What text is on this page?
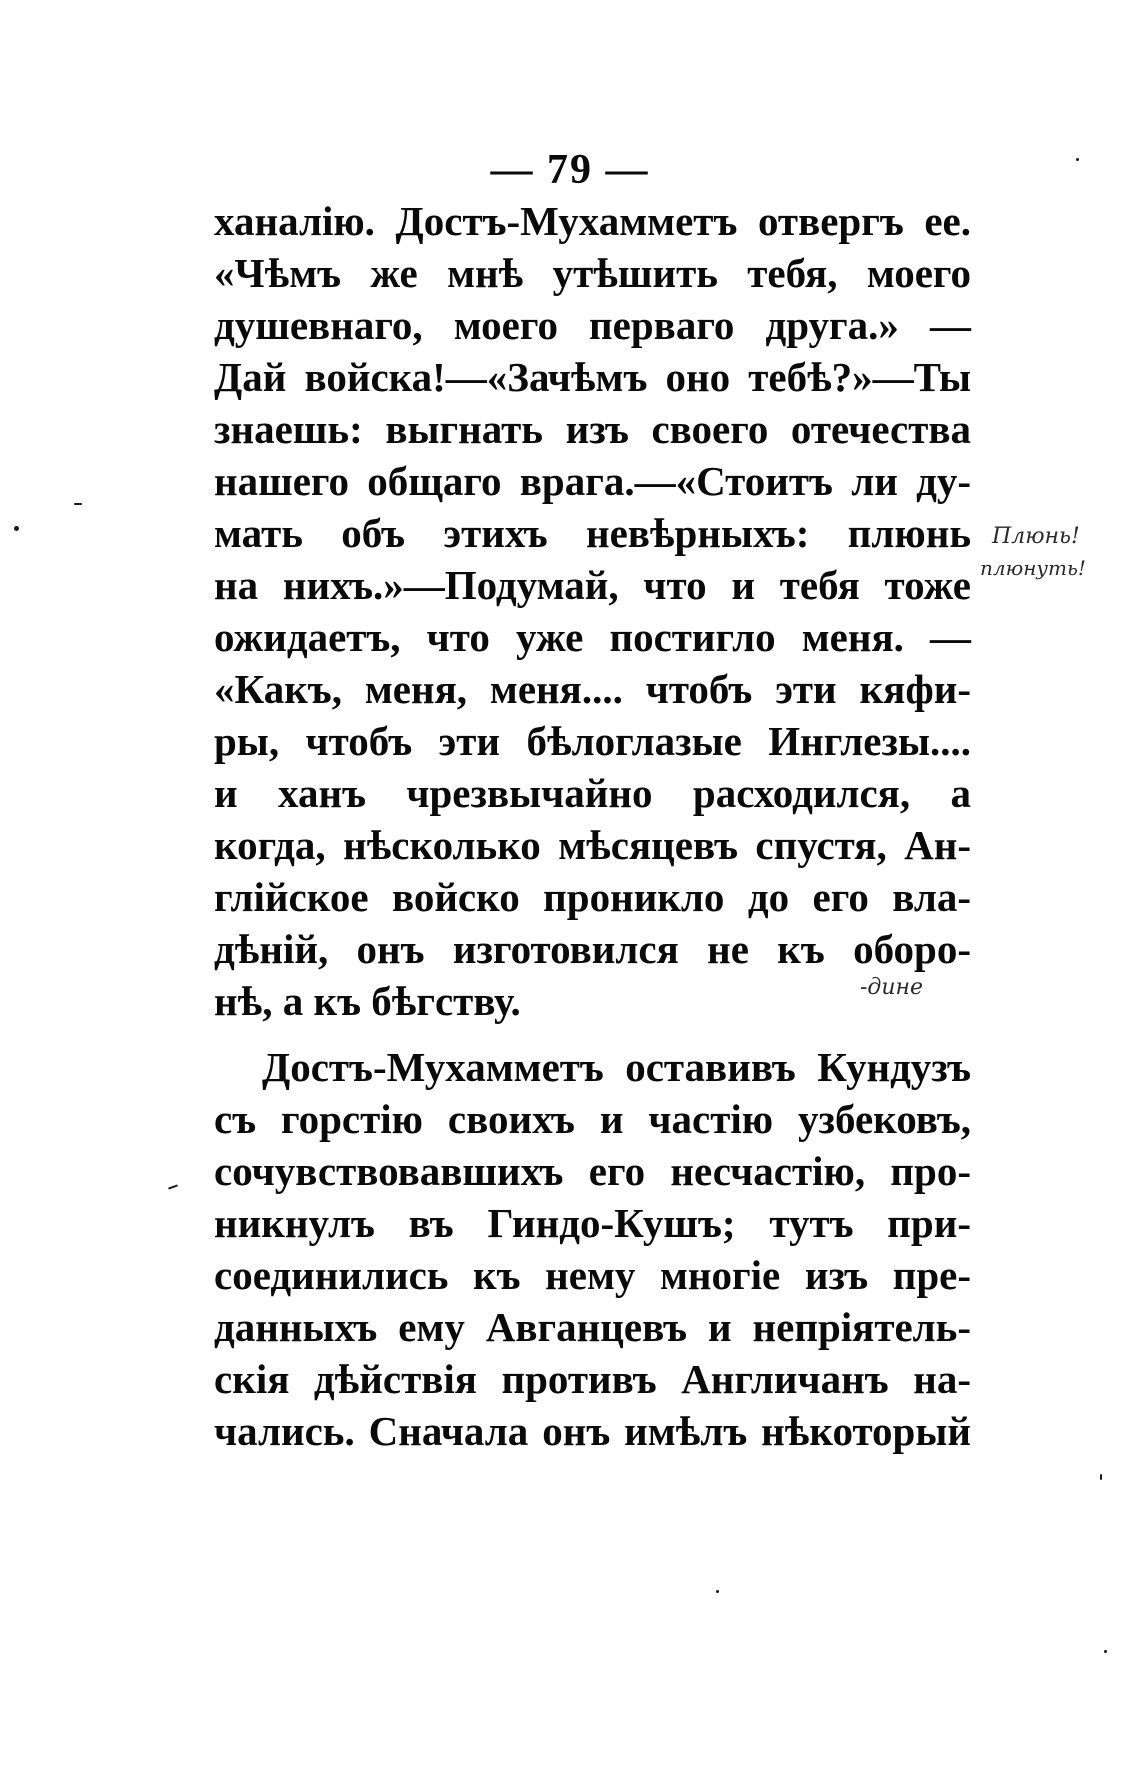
— 79 —
ханалію. Достъ-Мухамметъ отвергъ ее.
«Чѣмъ же мнѣ утѣшить тебя, моего
душевнаго, моего перваго друга.» —
Дай войска!—«Зачѣмъ оно тебѣ?»—Ты
знаешь: выгнать изъ своего отечества
нашего общаго врага.—«Стоитъ ли ду-
мать объ этихъ невѣрныхъ: плюнь
на нихъ.»—Подумай, что и тебя тоже
ожидаетъ, что уже постигло меня. —
«Какъ, меня, меня.... чтобъ эти кяфи-
ры, чтобъ эти бѣлоглазые Инглезы....
и ханъ чрезвычайно расходился, а
когда, нѣсколько мѣсяцевъ спустя, Ан-
глійское войско проникло до его вла-
дѣній, онъ изготовился не къ оборо-
нѣ, а къ бѣгству.
Достъ-Мухамметъ оставивъ Кундузъ
съ горстію своихъ и частію узбековъ,
сочувствовавшихъ его несчастію, про-
никнулъ въ Гиндо-Кушъ; тутъ при-
соединились къ нему многіе изъ пре-
данныхъ ему Авганцевъ и непріятель-
скія дѣйствія противъ Англичанъ на-
чались. Сначала онъ имѣлъ нѣкоторый
Плюнь!
плюнуть!
-дине
